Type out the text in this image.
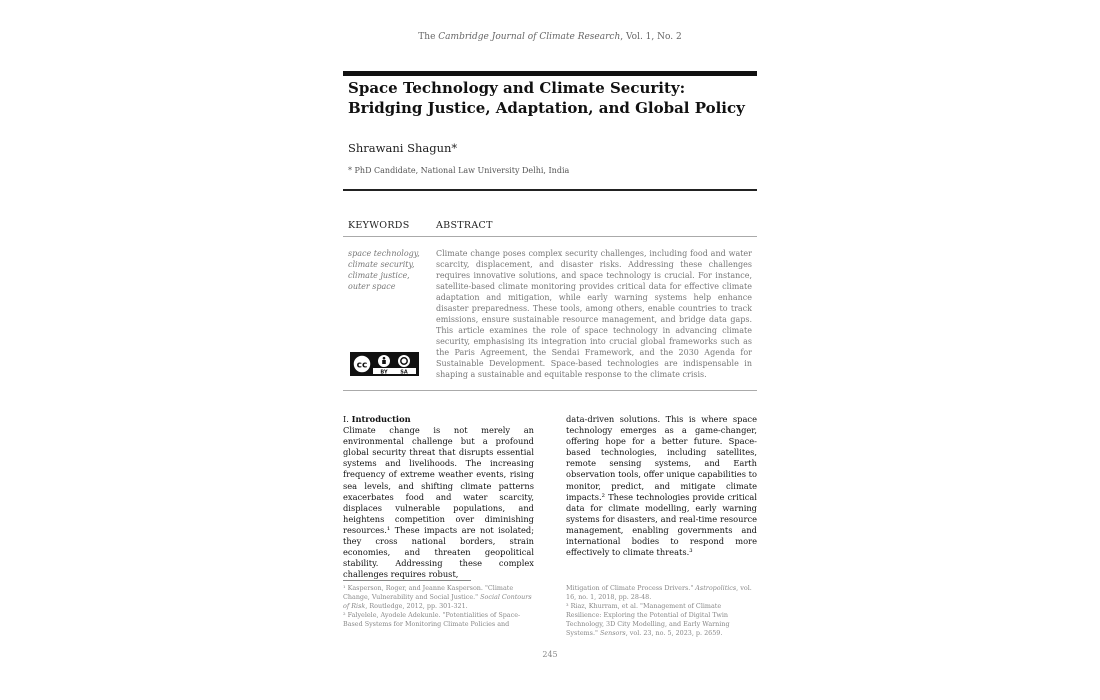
The Cambridge Journal of Climate Research, Vol. 1, No. 2
Space Technology and Climate Security: Bridging Justice, Adaptation, and Global Policy
Shrawani Shagun*
* PhD Candidate, National Law University Delhi, India
KEYWORDS	ABSTRACT
space technology,
climate security,
climate justice,
outer space

Climate change poses complex security challenges, including food and water scarcity, displacement, and disaster risks. Addressing these challenges requires innovative solutions, and space technology is crucial. For instance, satellite-based climate monitoring provides critical data for effective climate adaptation and mitigation, while early warning systems help enhance disaster preparedness. These tools, among others, enable countries to track emissions, ensure sustainable resource management, and bridge data gaps. This article examines the role of space technology in advancing climate security, emphasising its integration into crucial global frameworks such as the Paris Agreement, the Sendai Framework, and the 2030 Agenda for Sustainable Development. Space-based technologies are indispensable in shaping a sustainable and equitable response to the climate crisis.

cc
BY	SA

I. Introduction

Climate change is not merely an environmental challenge but a profound global security threat that disrupts essential systems and livelihoods. The increasing frequency of extreme weather events, rising sea levels, and shifting climate patterns exacerbates food and water scarcity, displaces vulnerable populations, and heightens competition over diminishing resources.¹ These impacts are not isolated; they cross national borders, strain economies, and threaten geopolitical stability. Addressing these complex challenges requires robust,

data-driven solutions. This is where space technology emerges as a game-changer, offering hope for a better future. Space-based technologies, including satellites, remote sensing systems, and Earth observation tools, offer unique capabilities to monitor, predict, and mitigate climate impacts.² These technologies provide critical data for climate modelling, early warning systems for disasters, and real-time resource management, enabling governments and international bodies to respond more effectively to climate threats.³

¹ Kasperson, Roger, and Jeanne Kasperson. "Climate Change, Vulnerability and Social Justice." Social Contours of Risk, Routledge, 2012, pp. 301-321.
² Falyelele, Ayodele Adekunle. "Potentialities of Space-Based Systems for Monitoring Climate Policies and
Mitigation of Climate Process Drivers." Astropolitics, vol. 16, no. 1, 2018, pp. 28-48.
³ Riaz, Khurram, et al. "Management of Climate Resilience: Exploring the Potential of Digital Twin Technology, 3D City Modelling, and Early Warning Systems." Sensors, vol. 23, no. 5, 2023, p. 2659.
245
